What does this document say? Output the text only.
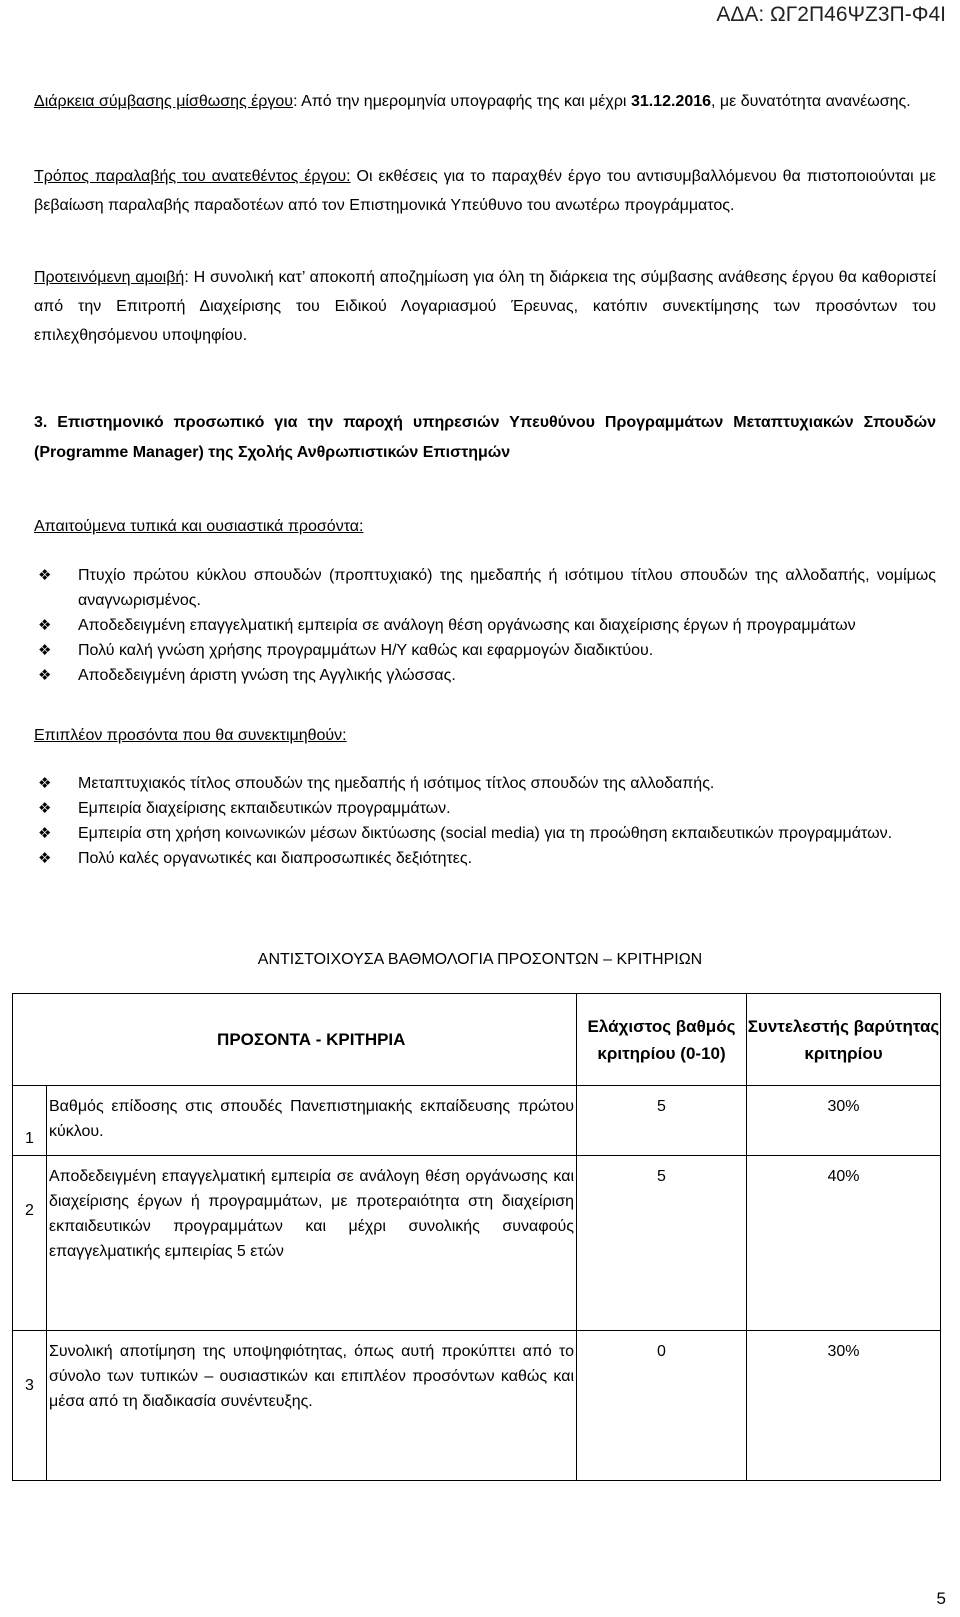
ΑΔΑ: ΩΓ2Π46ΨΖ3Π-Φ4Ι
Διάρκεια σύμβασης μίσθωσης έργου: Από την ημερομηνία υπογραφής της και μέχρι 31.12.2016, με δυνατότητα ανανέωσης.
Τρόπος παραλαβής του ανατεθέντος έργου: Οι εκθέσεις για το παραχθέν έργο του αντισυμβαλλόμενου θα πιστοποιούνται με βεβαίωση παραλαβής παραδοτέων από τον Επιστημονικά Υπεύθυνο του ανωτέρω προγράμματος.
Προτεινόμενη αμοιβή: Η συνολική κατ’ αποκοπή αποζημίωση για όλη τη διάρκεια της σύμβασης ανάθεσης έργου θα καθοριστεί από την Επιτροπή Διαχείρισης του Ειδικού Λογαριασμού Έρευνας, κατόπιν συνεκτίμησης των προσόντων του επιλεχθησόμενου υποψηφίου.
3. Επιστημονικό προσωπικό για την παροχή υπηρεσιών Υπευθύνου Προγραμμάτων Μεταπτυχιακών Σπουδών (Programme Manager) της Σχολής Ανθρωπιστικών Επιστημών
Απαιτούμενα τυπικά και ουσιαστικά προσόντα:
❖ Πτυχίο πρώτου κύκλου σπουδών (προπτυχιακό) της ημεδαπής ή ισότιμου τίτλου σπουδών της αλλοδαπής, νομίμως αναγνωρισμένος.
❖ Αποδεδειγμένη επαγγελματική εμπειρία σε ανάλογη θέση οργάνωσης και διαχείρισης έργων ή προγραμμάτων
❖ Πολύ καλή γνώση χρήσης προγραμμάτων Η/Υ καθώς και εφαρμογών διαδικτύου.
❖ Αποδεδειγμένη άριστη γνώση της Αγγλικής γλώσσας.
Επιπλέον προσόντα που θα συνεκτιμηθούν:
❖ Μεταπτυχιακός τίτλος σπουδών της ημεδαπής ή ισότιμος τίτλος σπουδών της αλλοδαπής.
❖ Εμπειρία διαχείρισης εκπαιδευτικών προγραμμάτων.
❖ Εμπειρία στη χρήση κοινωνικών μέσων δικτύωσης (social media) για τη προώθηση εκπαιδευτικών προγραμμάτων.
❖ Πολύ καλές οργανωτικές και διαπροσωπικές δεξιότητες.
ΑΝΤΙΣΤΟΙΧΟΥΣΑ ΒΑΘΜΟΛΟΓΙΑ ΠΡΟΣΟΝΤΩΝ – ΚΡΙΤΗΡΙΩΝ
	ΠΡΟΣΟΝΤΑ - ΚΡΙΤΗΡΙΑ	Ελάχιστος βαθμός κριτηρίου (0-10)	Συντελεστής βαρύτητας κριτηρίου
1	Βαθμός επίδοσης στις σπουδές Πανεπιστημιακής εκπαίδευσης πρώτου κύκλου.	5	30%
2	Αποδεδειγμένη επαγγελματική εμπειρία σε ανάλογη θέση οργάνωσης και διαχείρισης έργων ή προγραμμάτων, με προτεραιότητα στη διαχείριση εκπαιδευτικών προγραμμάτων και μέχρι συνολικής συναφούς επαγγελματικής εμπειρίας 5 ετών	5	40%
3	Συνολική αποτίμηση της υποψηφιότητας, όπως αυτή προκύπτει από το σύνολο των τυπικών – ουσιαστικών και επιπλέον προσόντων καθώς και μέσα από τη διαδικασία συνέντευξης.	0	30%
5
